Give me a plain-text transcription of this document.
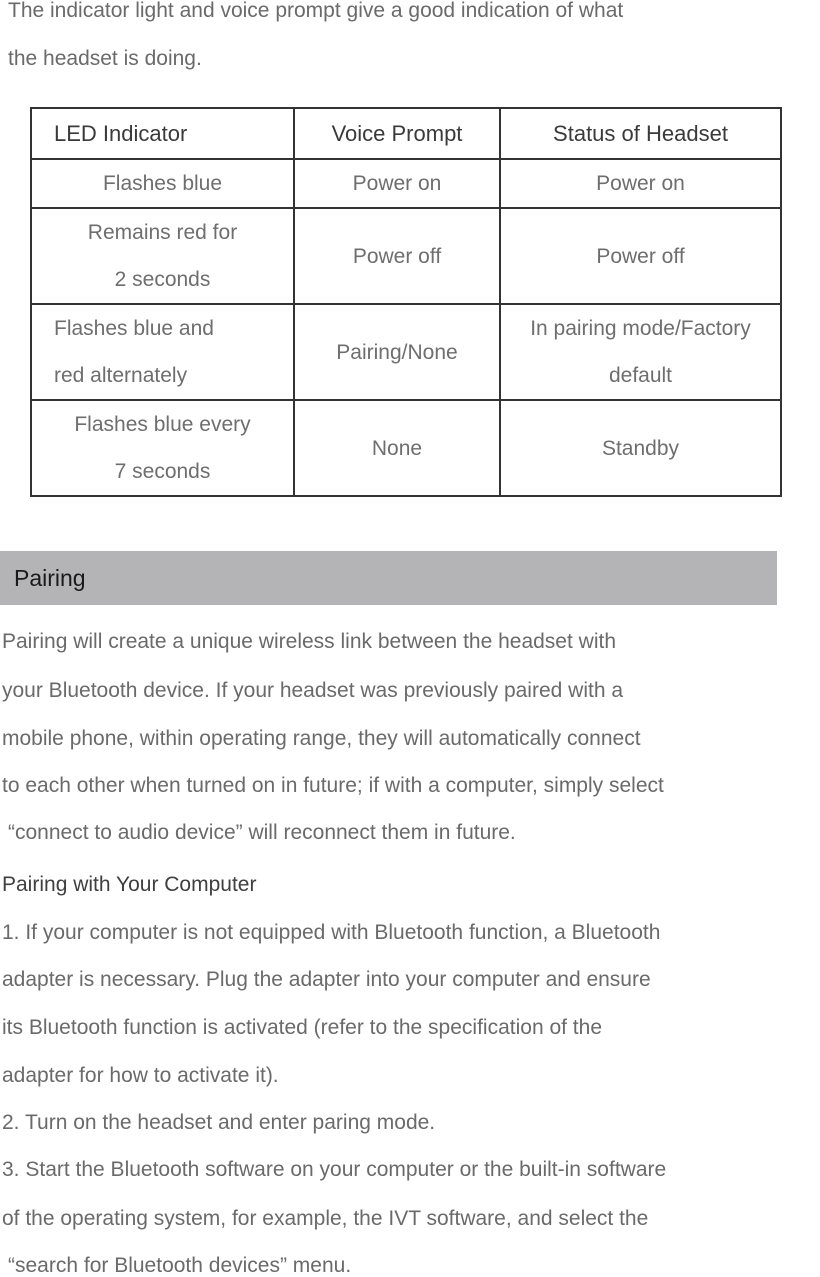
The indicator light and voice prompt give a good indication of what
the headset is doing.
LED Indicator	Voice Prompt	Status of Headset

Flashes blue	Power on	Power on

Remains red for
2 seconds	Power off	Power off

Flashes blue and
red alternately	Pairing/None	In pairing mode/Factory
default

Flashes blue every
7 seconds	None	Standby
Pairing
Pairing will create a unique wireless link between the headset with
your Bluetooth device. If your headset was previously paired with a
mobile phone, within operating range, they will automatically connect
to each other when turned on in future; if with a computer, simply select
“connect to audio device” will reconnect them in future.
Pairing with Your Computer
1. If your computer is not equipped with Bluetooth function, a Bluetooth
adapter is necessary. Plug the adapter into your computer and ensure
its Bluetooth function is activated (refer to the specification of the
adapter for how to activate it).
2. Turn on the headset and enter paring mode.
3. Start the Bluetooth software on your computer or the built-in software
of the operating system, for example, the IVT software, and select the
“search for Bluetooth devices” menu.
